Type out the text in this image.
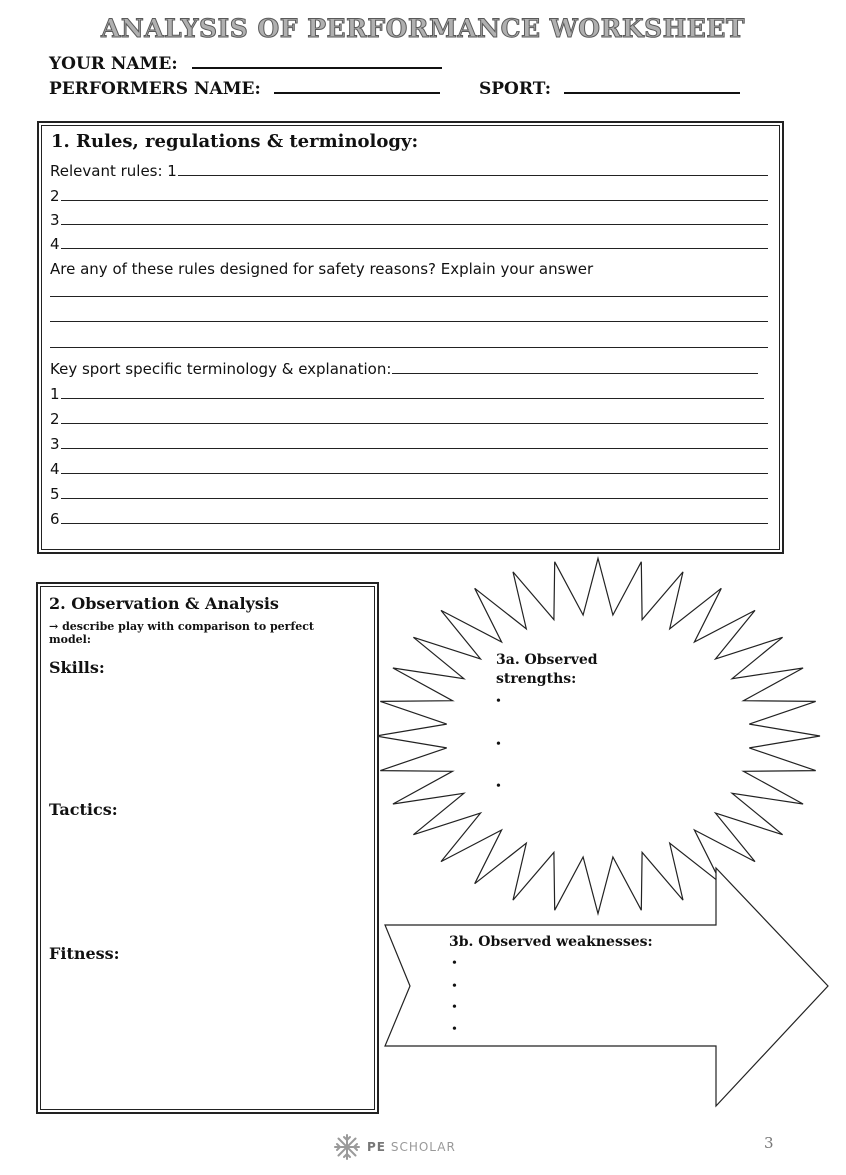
ANALYSIS OF PERFORMANCE WORKSHEET
YOUR NAME:
PERFORMERS NAME:	SPORT:
1. Rules, regulations & terminology:
Relevant rules: 1
2
3
4
Are any of these rules designed for safety reasons? Explain your answer
Key sport specific terminology & explanation:
1
2
3
4
5
6
2. Observation & Analysis
→ describe play with comparison to perfect model:
Skills:
Tactics:
Fitness:
3a. Observed
strengths:
•
•
•
3b. Observed weaknesses:
•
•
•
•
PE SCHOLAR	3
